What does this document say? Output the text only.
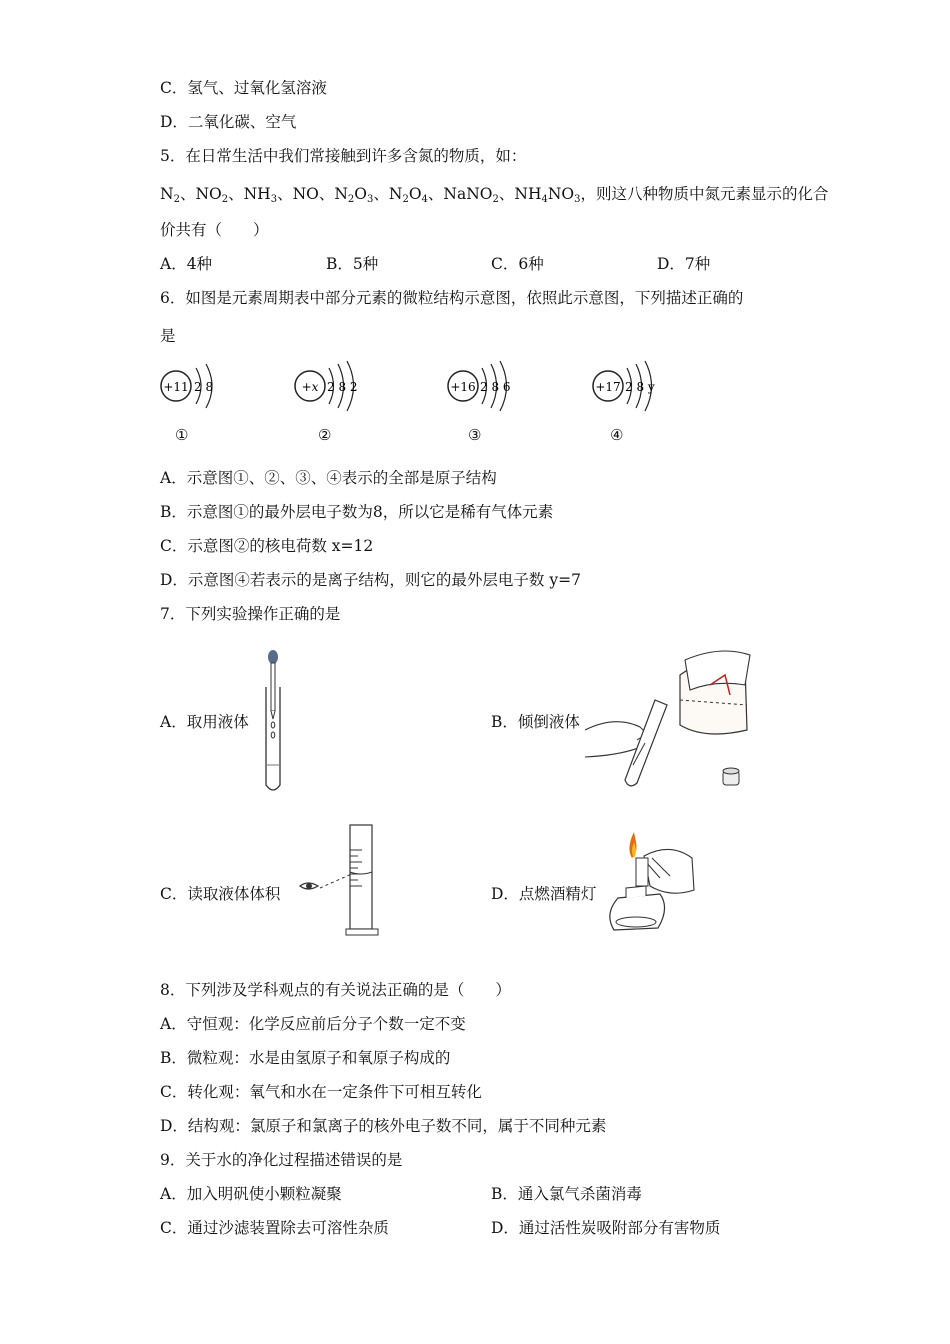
C．氢气、过氧化氢溶液
D．二氧化碳、空气
5．在日常生活中我们常接触到许多含氮的物质，如：
$N_2$、$NO_2$、$NH_3$、NO、$N_2O_3$、$N_2O_4$、NaNO$_2$、$NH_4NO_3$，则这八种物质中氮元素显示的化合
价共有（　　）
A．4种	B．5种	C．6种	D．7种
6．如图是元素周期表中部分元素的微粒结构示意图，依照此示意图，下列描述正确的
是
+11 2 8
①
+x 2 8 2
②
+16 2 8 6
③
+17 2 8 y
④
A．示意图①、②、③、④表示的全部是原子结构
B．示意图①的最外层电子数为8，所以它是稀有气体元素
C．示意图②的核电荷数 x=12
D．示意图④若表示的是离子结构，则它的最外层电子数 y=7
7．下列实验操作正确的是
A．取用液体	B．倾倒液体
C．读取液体体积	D．点燃酒精灯
8．下列涉及学科观点的有关说法正确的是（　　）
A．守恒观：化学反应前后分子个数一定不变
B．微粒观：水是由氢原子和氧原子构成的
C．转化观：氧气和水在一定条件下可相互转化
D．结构观：氯原子和氯离子的核外电子数不同，属于不同种元素
9．关于水的净化过程描述错误的是
A．加入明矾使小颗粒凝聚	B．通入氯气杀菌消毒
C．通过沙滤装置除去可溶性杂质	D．通过活性炭吸附部分有害物质
